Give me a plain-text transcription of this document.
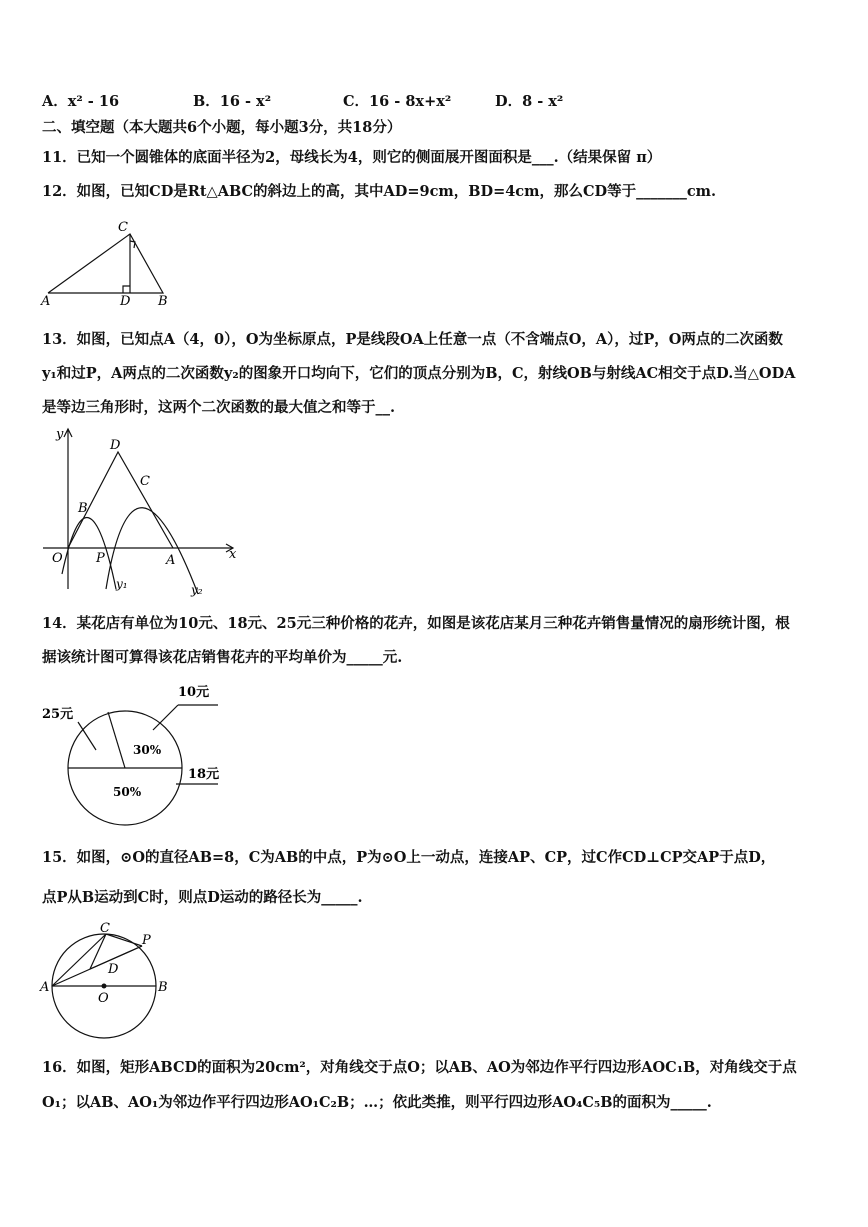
A．x² - 16	B．16 - x²	C．16 - 8x+x²	D．8 - x²
二、填空题（本大题共6个小题，每小题3分，共18分）
11．已知一个圆锥体的底面半径为2，母线长为4，则它的侧面展开图面积是___.（结果保留 π）
12．如图，已知CD是Rt△ABC的斜边上的高，其中AD=9cm，BD=4cm，那么CD等于_______cm.
A	B
C
D
13．如图，已知点A（4，0），O为坐标原点，P是线段OA上任意一点（不含端点O，A），过P，O两点的二次函数
y₁和过P，A两点的二次函数y₂的图象开口均向下，它们的顶点分别为B，C，射线OB与射线AC相交于点D.当△ODA
是等边三角形时，这两个二次函数的最大值之和等于__.
y
x
O	P	A
B
C
D
y₁	y₂
14．某花店有单位为10元、18元、25元三种价格的花卉，如图是该花店某月三种花卉销售量情况的扇形统计图，根
据该统计图可算得该花店销售花卉的平均单价为_____元.
10元
25元
18元
30%
50%
15．如图，⊙O的直径AB=8，C为AB的中点，P为⊙O上一动点，连接AP、CP，过C作CD⊥CP交AP于点D，
点P从B运动到C时，则点D运动的路径长为_____.
A	B
C
D
O
P
16．如图，矩形ABCD的面积为20cm²，对角线交于点O；以AB、AO为邻边作平行四边形AOC₁B，对角线交于点
O₁；以AB、AO₁为邻边作平行四边形AO₁C₂B；…；依此类推，则平行四边形AO₄C₅B的面积为_____.
